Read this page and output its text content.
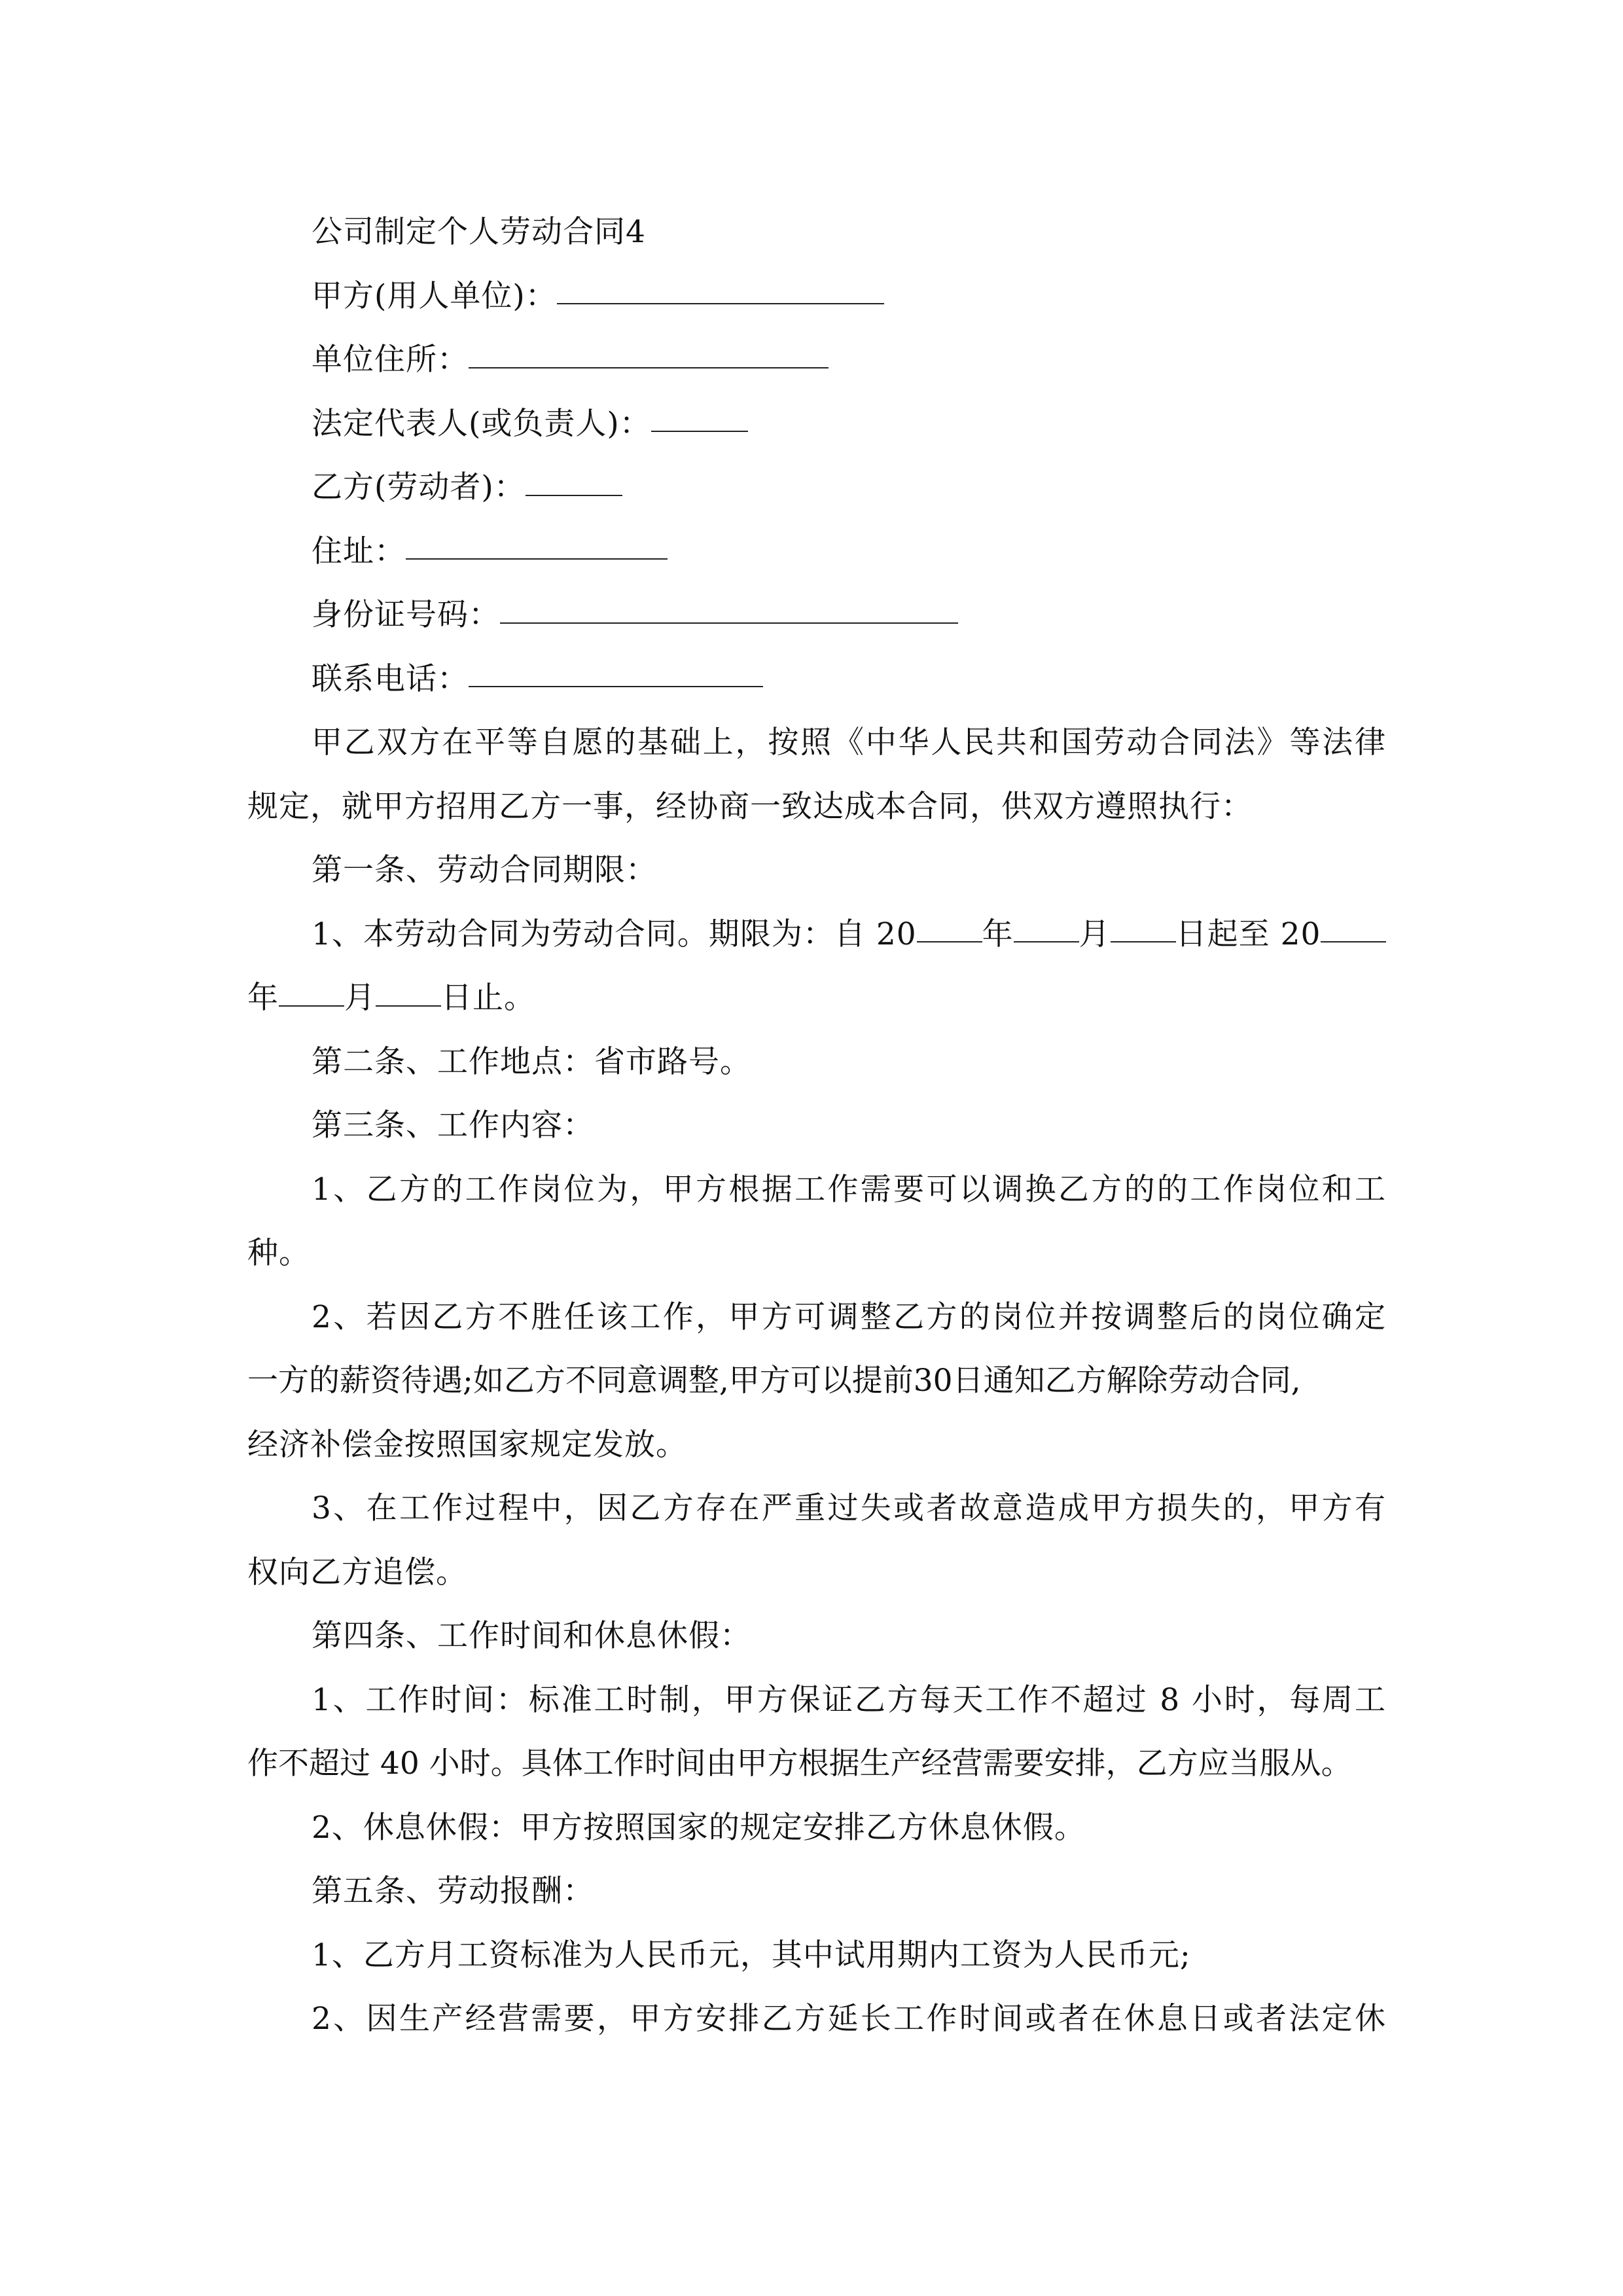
公司制定个人劳动合同4
甲方(用人单位)：
单位住所：
法定代表人(或负责人)：
乙方(劳动者)：
住址：
身份证号码：
联系电话：
甲乙双方在平等自愿的基础上，按照《中华人民共和国劳动合同法》等法律
规定，就甲方招用乙方一事，经协商一致达成本合同，供双方遵照执行：
第一条、劳动合同期限：
1、本劳动合同为劳动合同。期限为：自 20 年 月 日起至 20
年 月 日止。
第二条、工作地点：省市路号。
第三条、工作内容：
1、乙方的工作岗位为，甲方根据工作需要可以调换乙方的的工作岗位和工
种。
2、若因乙方不胜任该工作，甲方可调整乙方的岗位并按调整后的岗位确定
一方的薪资待遇;如乙方不同意调整,甲方可以提前30日通知乙方解除劳动合同,
经济补偿金按照国家规定发放。
3、在工作过程中，因乙方存在严重过失或者故意造成甲方损失的，甲方有
权向乙方追偿。
第四条、工作时间和休息休假：
1、工作时间：标准工时制，甲方保证乙方每天工作不超过 8 小时，每周工
作不超过 40 小时。具体工作时间由甲方根据生产经营需要安排，乙方应当服从。
2、休息休假：甲方按照国家的规定安排乙方休息休假。
第五条、劳动报酬：
1、乙方月工资标准为人民币元，其中试用期内工资为人民币元;
2、因生产经营需要，甲方安排乙方延长工作时间或者在休息日或者法定休
